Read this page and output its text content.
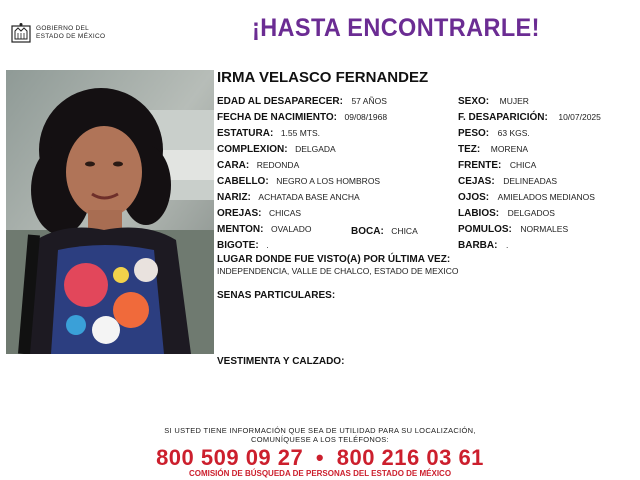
GOBIERNO DEL
ESTADO DE MÉXICO	¡HASTA ENCONTRARLE!
IRMA VELASCO FERNANDEZ
EDAD AL DESAPARECER: 57 AÑOS
FECHA DE NACIMIENTO: 09/08/1968
ESTATURA: 1.55 MTS.
COMPLEXION: DELGADA
CARA: REDONDA
CABELLO: NEGRO A LOS HOMBROS
NARIZ: ACHATADA BASE ANCHA
OREJAS: CHICAS
MENTON: OVALADO	BOCA: CHICA
BIGOTE: .
SEXO: MUJER
F. DESAPARICIÓN: 10/07/2025
PESO: 63 KGS.
TEZ: MORENA
FRENTE: CHICA
CEJAS: DELINEADAS
OJOS: AMIELADOS MEDIANOS
LABIOS: DELGADOS
POMULOS: NORMALES
BARBA: .
LUGAR DONDE FUE VISTO(A) POR ÚLTIMA VEZ:
INDEPENDENCIA, VALLE DE CHALCO, ESTADO DE MEXICO
SENAS PARTICULARES:
VESTIMENTA Y CALZADO:
SI USTED TIENE INFORMACIÓN QUE SEA DE UTILIDAD PARA SU LOCALIZACIÓN,
COMUNÍQUESE A LOS TELÉFONOS:
800 509 09 27 • 800 216 03 61
COMISIÓN DE BÚSQUEDA DE PERSONAS DEL ESTADO DE MÉXICO
